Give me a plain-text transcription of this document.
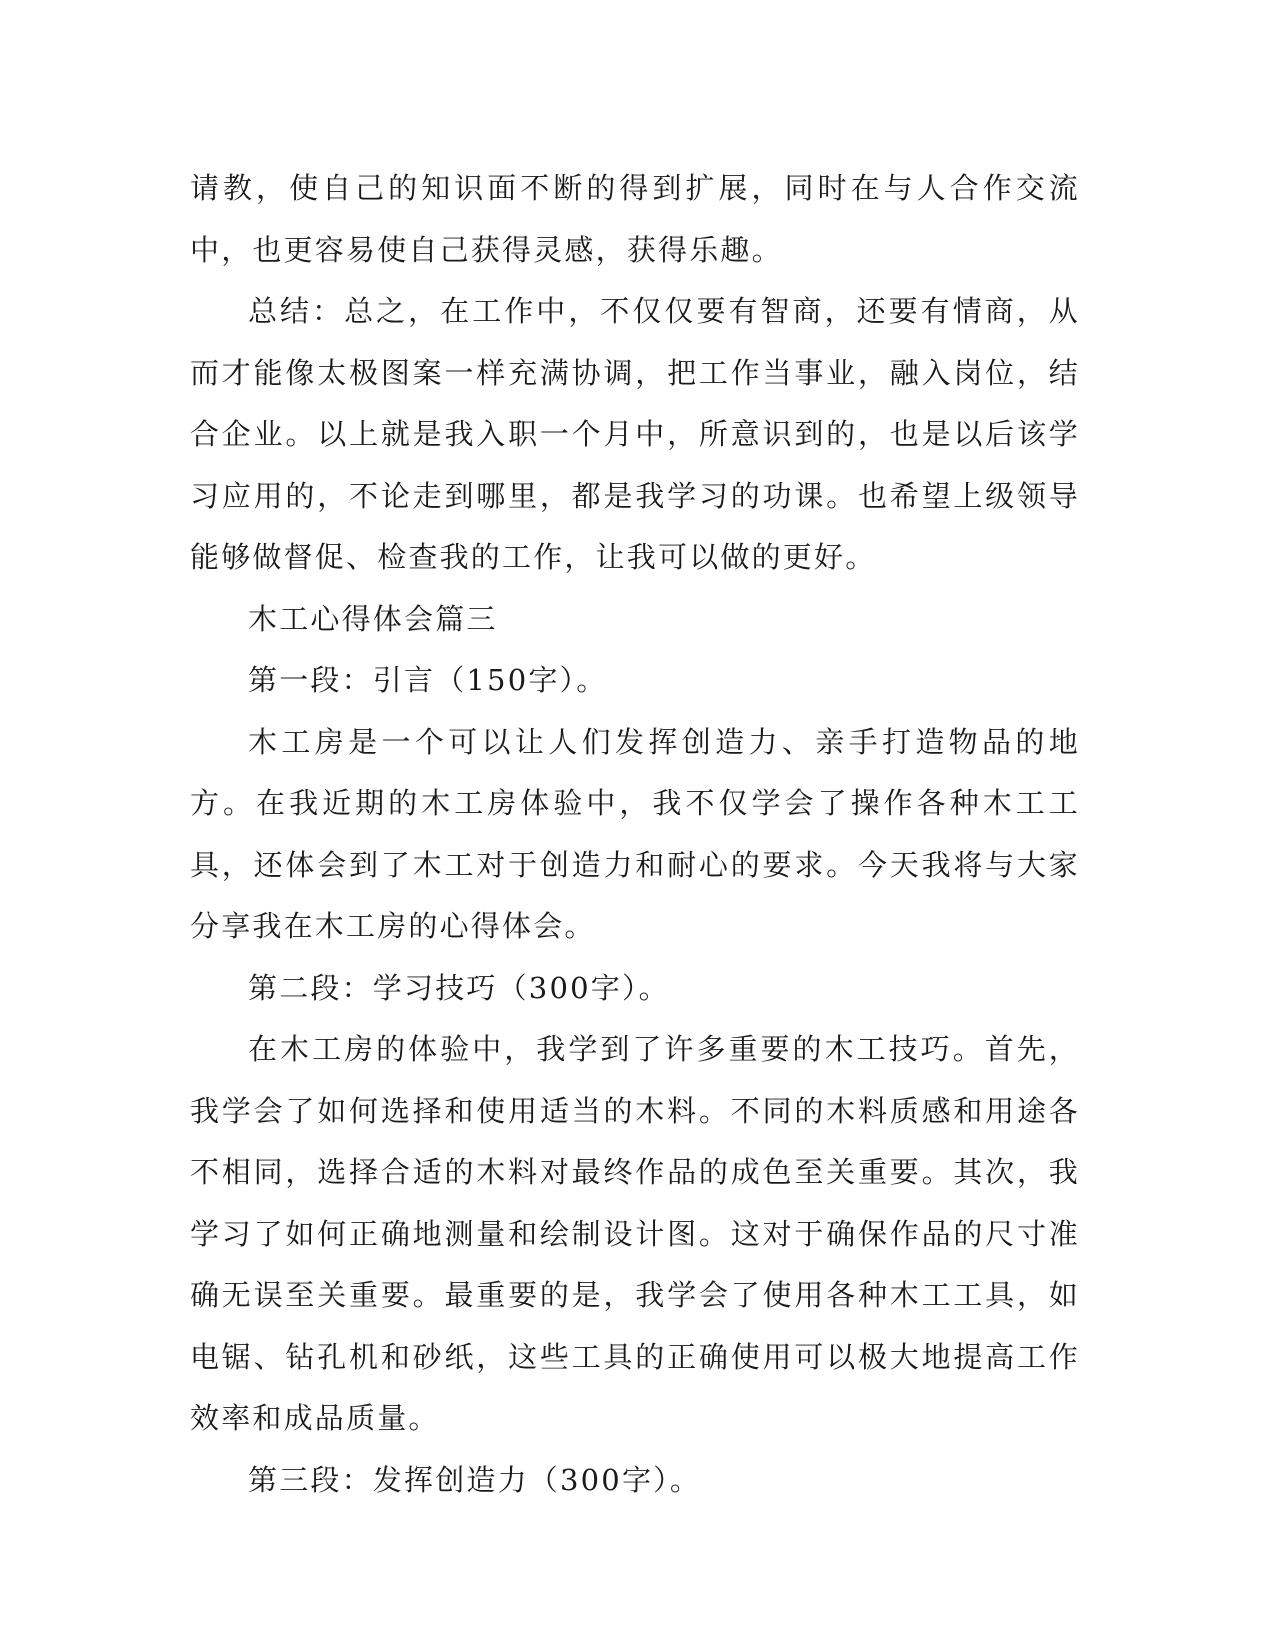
请教，使自己的知识面不断的得到扩展，同时在与人合作交流中，也更容易使自己获得灵感，获得乐趣。

总结：总之，在工作中，不仅仅要有智商，还要有情商，从而才能像太极图案一样充满协调，把工作当事业，融入岗位，结合企业。以上就是我入职一个月中，所意识到的，也是以后该学习应用的，不论走到哪里，都是我学习的功课。也希望上级领导能够做督促、检查我的工作，让我可以做的更好。

木工心得体会篇三

第一段：引言（150字）。

木工房是一个可以让人们发挥创造力、亲手打造物品的地方。在我近期的木工房体验中，我不仅学会了操作各种木工工具，还体会到了木工对于创造力和耐心的要求。今天我将与大家分享我在木工房的心得体会。

第二段：学习技巧（300字）。

在木工房的体验中，我学到了许多重要的木工技巧。首先，我学会了如何选择和使用适当的木料。不同的木料质感和用途各不相同，选择合适的木料对最终作品的成色至关重要。其次，我学习了如何正确地测量和绘制设计图。这对于确保作品的尺寸准确无误至关重要。最重要的是，我学会了使用各种木工工具，如电锯、钻孔机和砂纸，这些工具的正确使用可以极大地提高工作效率和成品质量。

第三段：发挥创造力（300字）。
